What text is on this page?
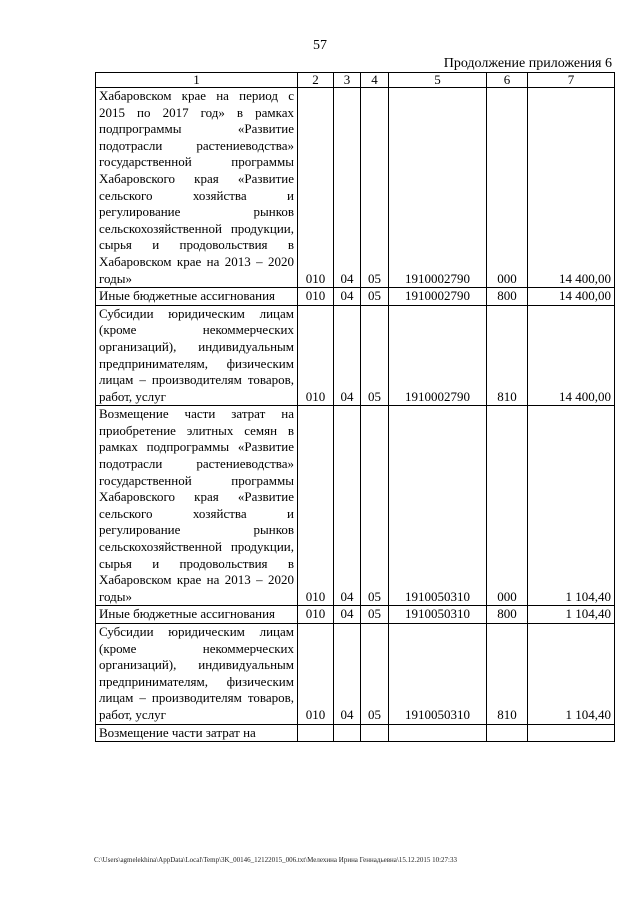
57
Продолжение приложения 6
1	2	3	4	5	6	7
Хабаровском крае на период с 2015 по 2017 год» в рамках подпрограммы «Развитие подотрасли растениеводства» государственной программы Хабаровского края «Развитие сельского хозяйства и регулирование рынков сельскохозяйственной продукции, сырья и продовольствия в Хабаровском крае на 2013 – 2020 годы»	010	04	05	1910002790	000	14 400,00
Иные бюджетные ассигнования	010	04	05	1910002790	800	14 400,00
Субсидии юридическим лицам (кроме некоммерческих организаций), индивидуальным предпринимателям, физическим лицам – производителям товаров, работ, услуг	010	04	05	1910002790	810	14 400,00
Возмещение части затрат на приобретение элитных семян в рамках подпрограммы «Развитие подотрасли растениеводства» государственной программы Хабаровского края «Развитие сельского хозяйства и регулирование рынков сельскохозяйственной продукции, сырья и продовольствия в Хабаровском крае на 2013 – 2020 годы»	010	04	05	1910050310	000	1 104,40
Иные бюджетные ассигнования	010	04	05	1910050310	800	1 104,40
Субсидии юридическим лицам (кроме некоммерческих организаций), индивидуальным предпринимателям, физическим лицам – производителям товаров, работ, услуг	010	04	05	1910050310	810	1 104,40
Возмещение части затрат на						
C:\Users\agmelekhina\AppData\Local\Temp\3K_00146_12122015_006.txt\Мелехина Ирина Геннадьевна\15.12.2015 10:27:33
